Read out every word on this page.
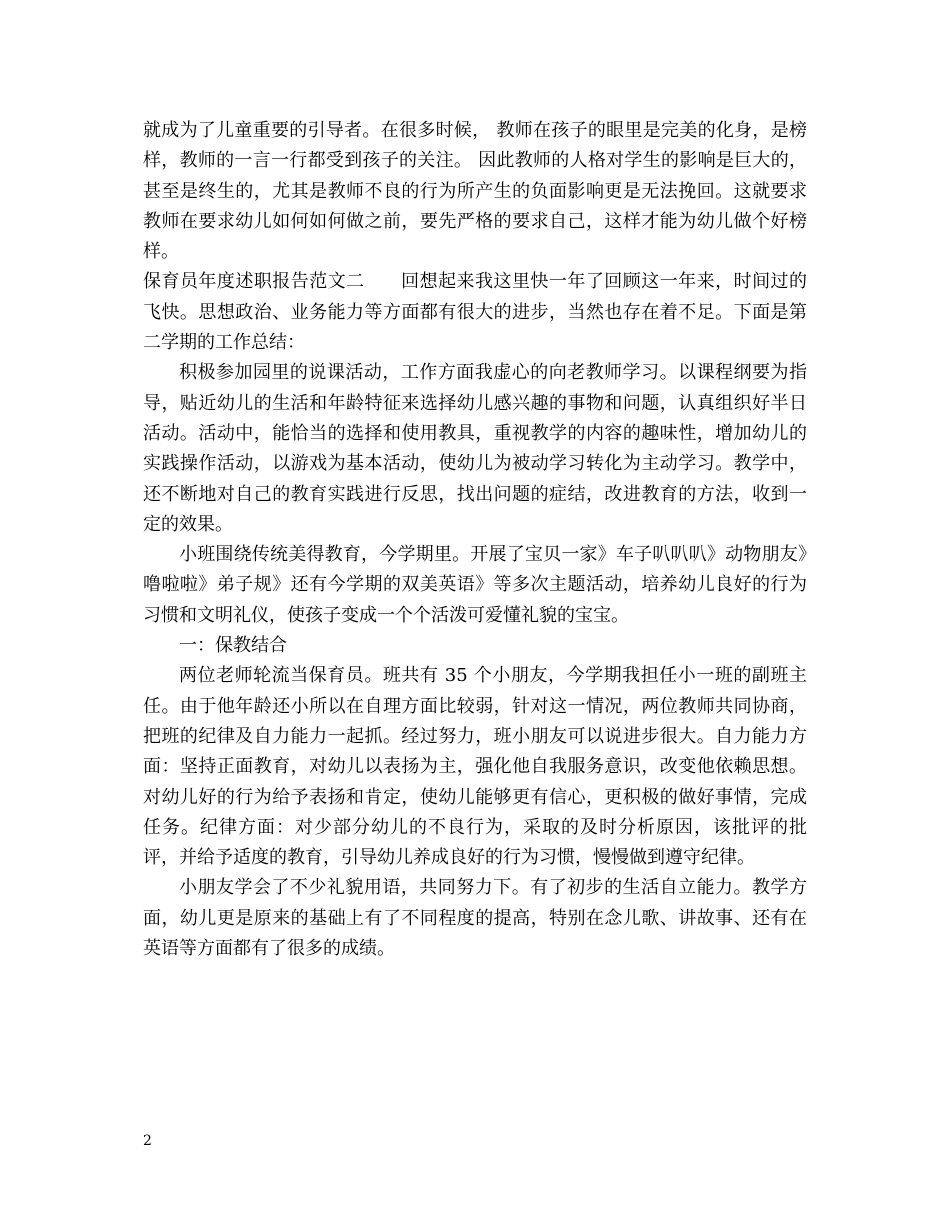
就成为了儿童重要的引导者。在很多时候， 教师在孩子的眼里是完美的化身，是榜样，教师的一言一行都受到孩子的关注。 因此教师的人格对学生的影响是巨大的，甚至是终生的，尤其是教师不良的行为所产生的负面影响更是无法挽回。这就要求教师在要求幼儿如何如何做之前，要先严格的要求自己，这样才能为幼儿做个好榜样。

保育员年度述职报告范文二   回想起来我这里快一年了回顾这一年来，时间过的飞快。思想政治、业务能力等方面都有很大的进步，当然也存在着不足。下面是第二学期的工作总结：

积极参加园里的说课活动，工作方面我虚心的向老教师学习。以课程纲要为指导，贴近幼儿的生活和年龄特征来选择幼儿感兴趣的事物和问题，认真组织好半日活动。活动中，能恰当的选择和使用教具，重视教学的内容的趣味性，增加幼儿的实践操作活动，以游戏为基本活动，使幼儿为被动学习转化为主动学习。教学中，还不断地对自己的教育实践进行反思，找出问题的症结，改进教育的方法，收到一定的效果。

小班围绕传统美得教育，今学期里。开展了宝贝一家》车子叭叭叭》动物朋友》噜啦啦》弟子规》还有今学期的双美英语》等多次主题活动，培养幼儿良好的行为习惯和文明礼仪，使孩子变成一个个活泼可爱懂礼貌的宝宝。

一：保教结合

两位老师轮流当保育员。班共有 35 个小朋友，今学期我担任小一班的副班主任。由于他年龄还小所以在自理方面比较弱，针对这一情况，两位教师共同协商，把班的纪律及自力能力一起抓。经过努力，班小朋友可以说进步很大。自力能力方面：坚持正面教育，对幼儿以表扬为主，强化他自我服务意识，改变他依赖思想。对幼儿好的行为给予表扬和肯定，使幼儿能够更有信心，更积极的做好事情，完成任务。纪律方面：对少部分幼儿的不良行为，采取的及时分析原因，该批评的批评，并给予适度的教育，引导幼儿养成良好的行为习惯，慢慢做到遵守纪律。

小朋友学会了不少礼貌用语，共同努力下。有了初步的生活自立能力。教学方面，幼儿更是原来的基础上有了不同程度的提高，特别在念儿歌、讲故事、还有在英语等方面都有了很多的成绩。

2
